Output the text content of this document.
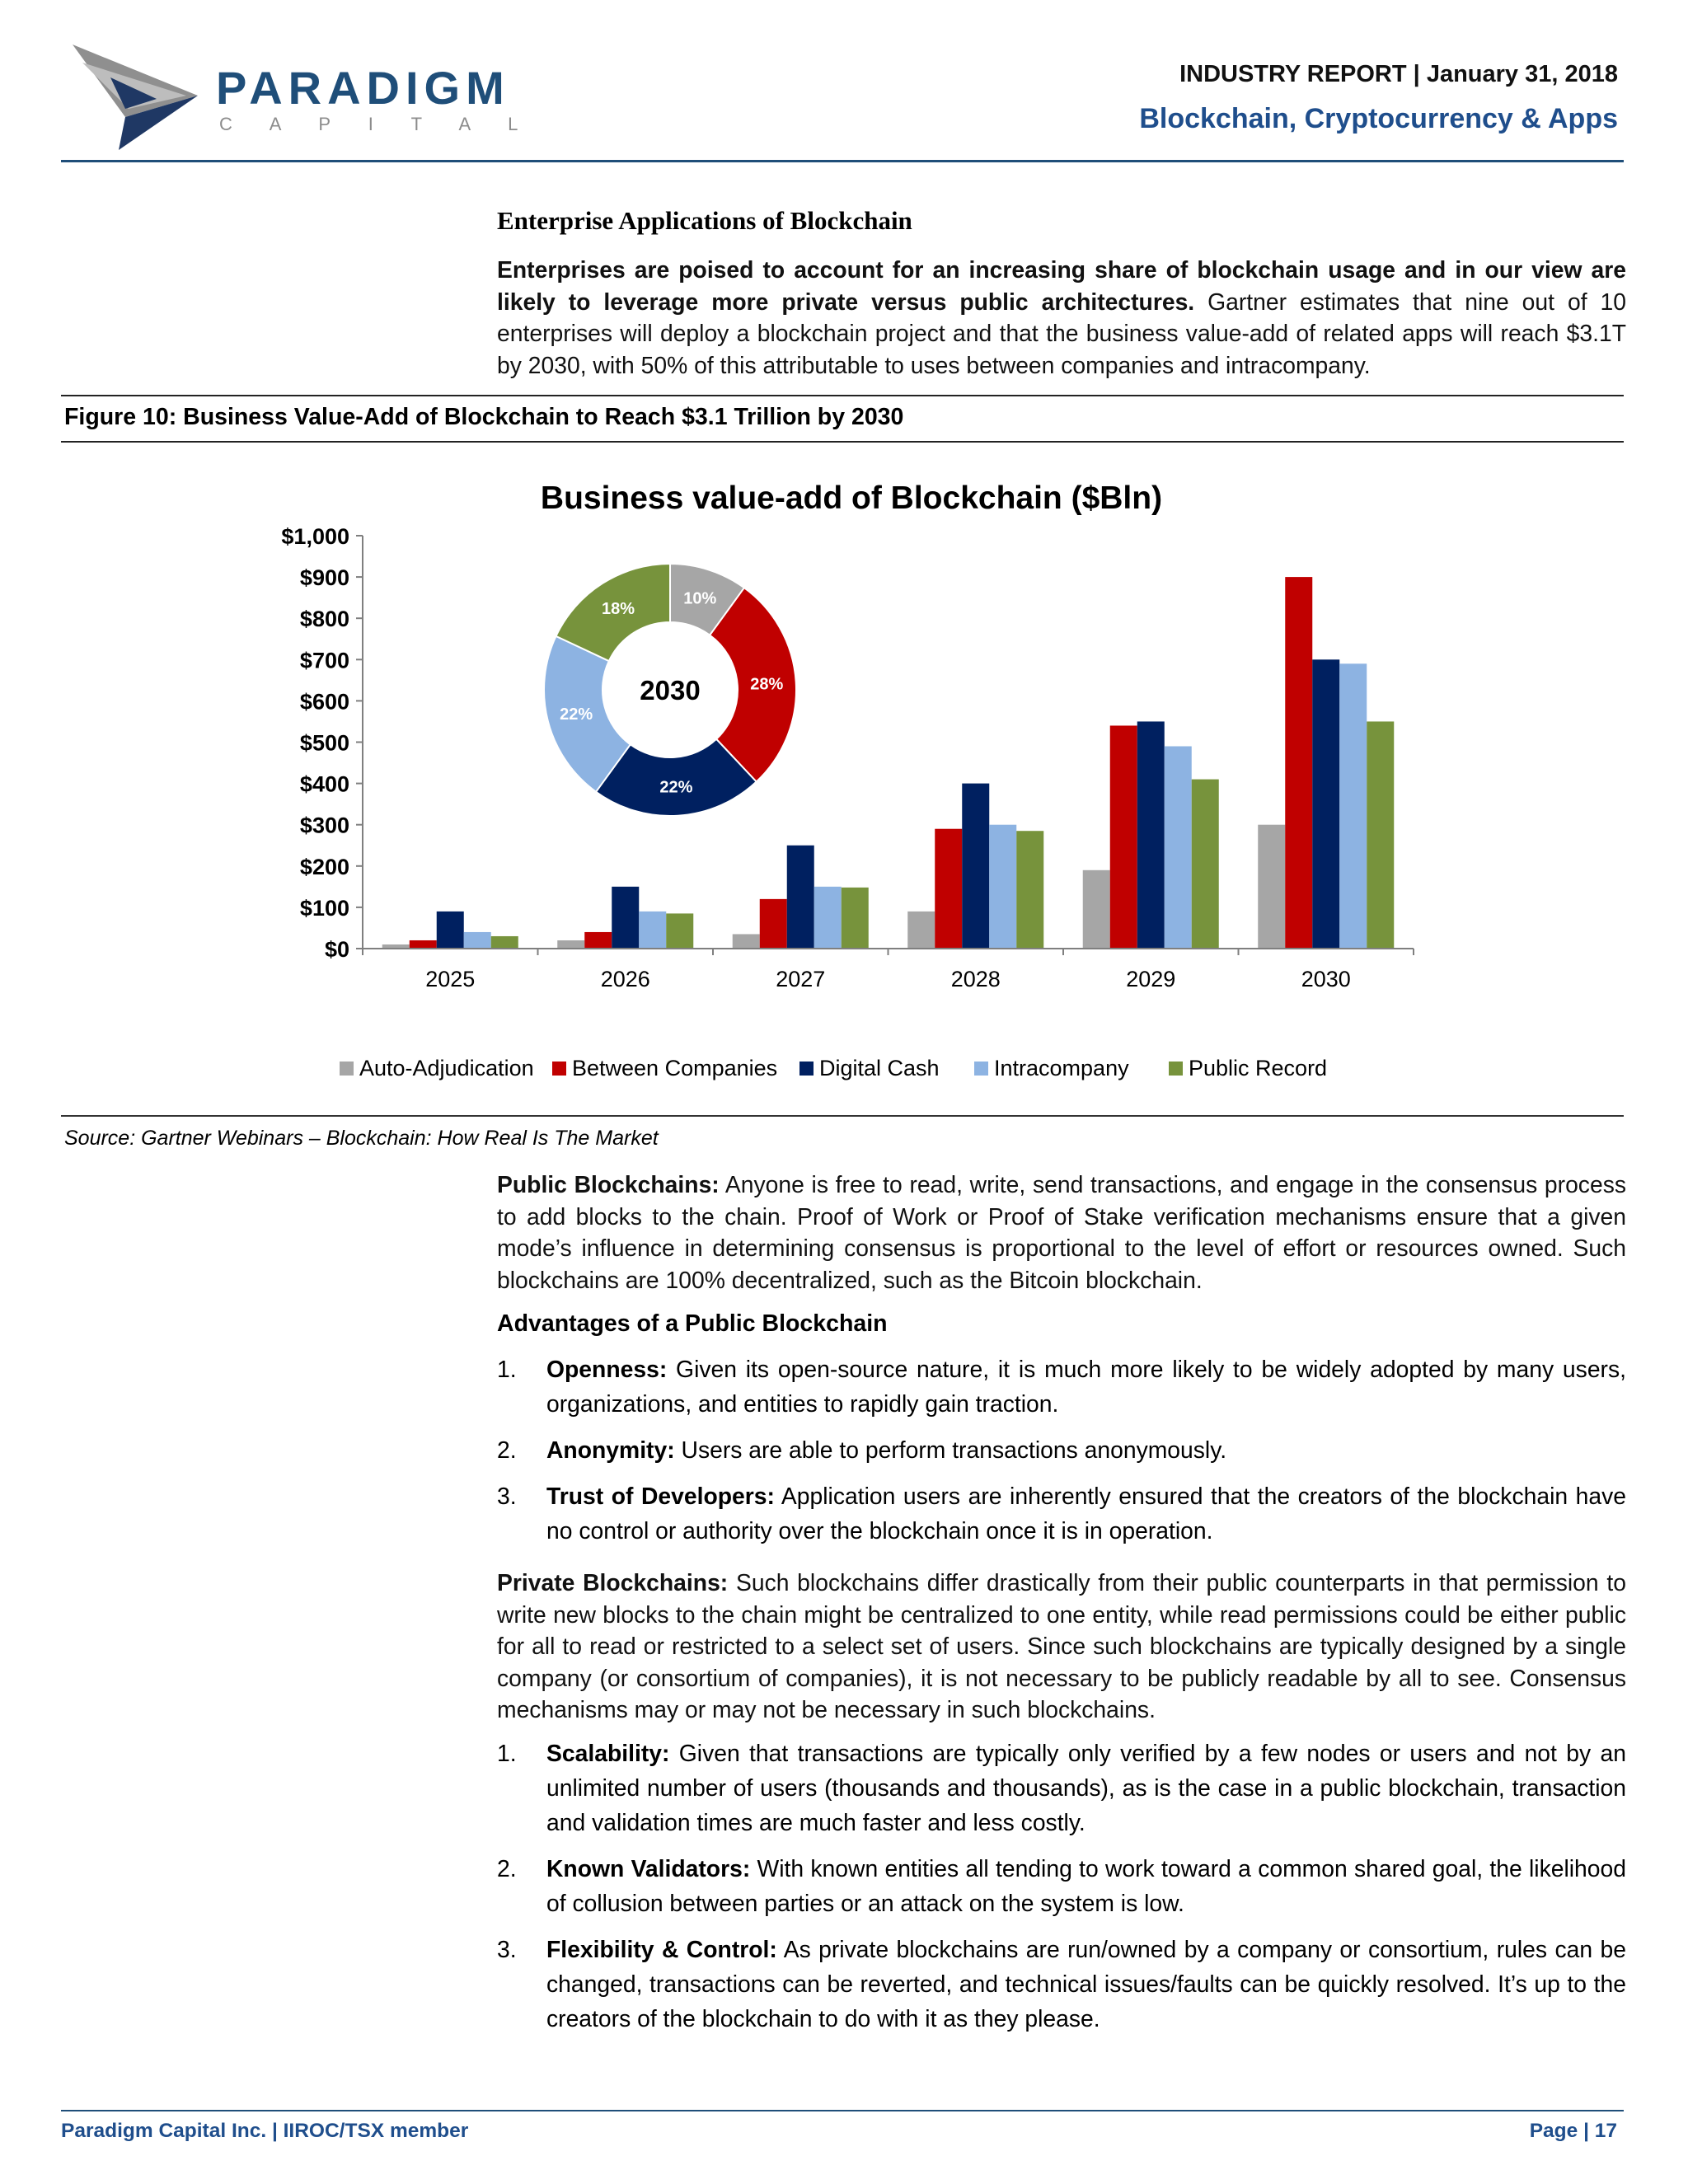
PARADIGM
C A P I T A L
INDUSTRY REPORT | January 31, 2018
Blockchain, Cryptocurrency & Apps
Enterprise Applications of Blockchain
Enterprises are poised to account for an increasing share of blockchain usage and in our view are likely to leverage more private versus public architectures. Gartner estimates that nine out of 10 enterprises will deploy a blockchain project and that the business value-add of related apps will reach $3.1T by 2030, with 50% of this attributable to uses between companies and intracompany.
Figure 10: Business Value-Add of Blockchain to Reach $3.1 Trillion by 2030
Business value-add of Blockchain ($Bln)
$0
$100
$200
$300
$400
$500
$600
$700
$800
$900
$1,000
2025	2026	2027	2028	2029	2030
10%
28%
22%
22%
18%
2030
Auto-Adjudication Between Companies Digital Cash Intracompany	Public Record
Source: Gartner Webinars – Blockchain: How Real Is The Market
Public Blockchains: Anyone is free to read, write, send transactions, and engage in the consensus process to add blocks to the chain. Proof of Work or Proof of Stake verification mechanisms ensure that a given mode’s influence in determining consensus is proportional to the level of effort or resources owned. Such blockchains are 100% decentralized, such as the Bitcoin blockchain.
Advantages of a Public Blockchain
1. Openness: Given its open-source nature, it is much more likely to be widely adopted by many users, organizations, and entities to rapidly gain traction.
2. Anonymity: Users are able to perform transactions anonymously.
3. Trust of Developers: Application users are inherently ensured that the creators of the blockchain have no control or authority over the blockchain once it is in operation.
Private Blockchains: Such blockchains differ drastically from their public counterparts in that permission to write new blocks to the chain might be centralized to one entity, while read permissions could be either public for all to read or restricted to a select set of users. Since such blockchains are typically designed by a single company (or consortium of companies), it is not necessary to be publicly readable by all to see. Consensus mechanisms may or may not be necessary in such blockchains.
1. Scalability: Given that transactions are typically only verified by a few nodes or users and not by an unlimited number of users (thousands and thousands), as is the case in a public blockchain, transaction and validation times are much faster and less costly.
2. Known Validators: With known entities all tending to work toward a common shared goal, the likelihood of collusion between parties or an attack on the system is low.
3. Flexibility & Control: As private blockchains are run/owned by a company or consortium, rules can be changed, transactions can be reverted, and technical issues/faults can be quickly resolved. It’s up to the creators of the blockchain to do with it as they please.
Paradigm Capital Inc. | IIROC/TSX member	Page | 17
